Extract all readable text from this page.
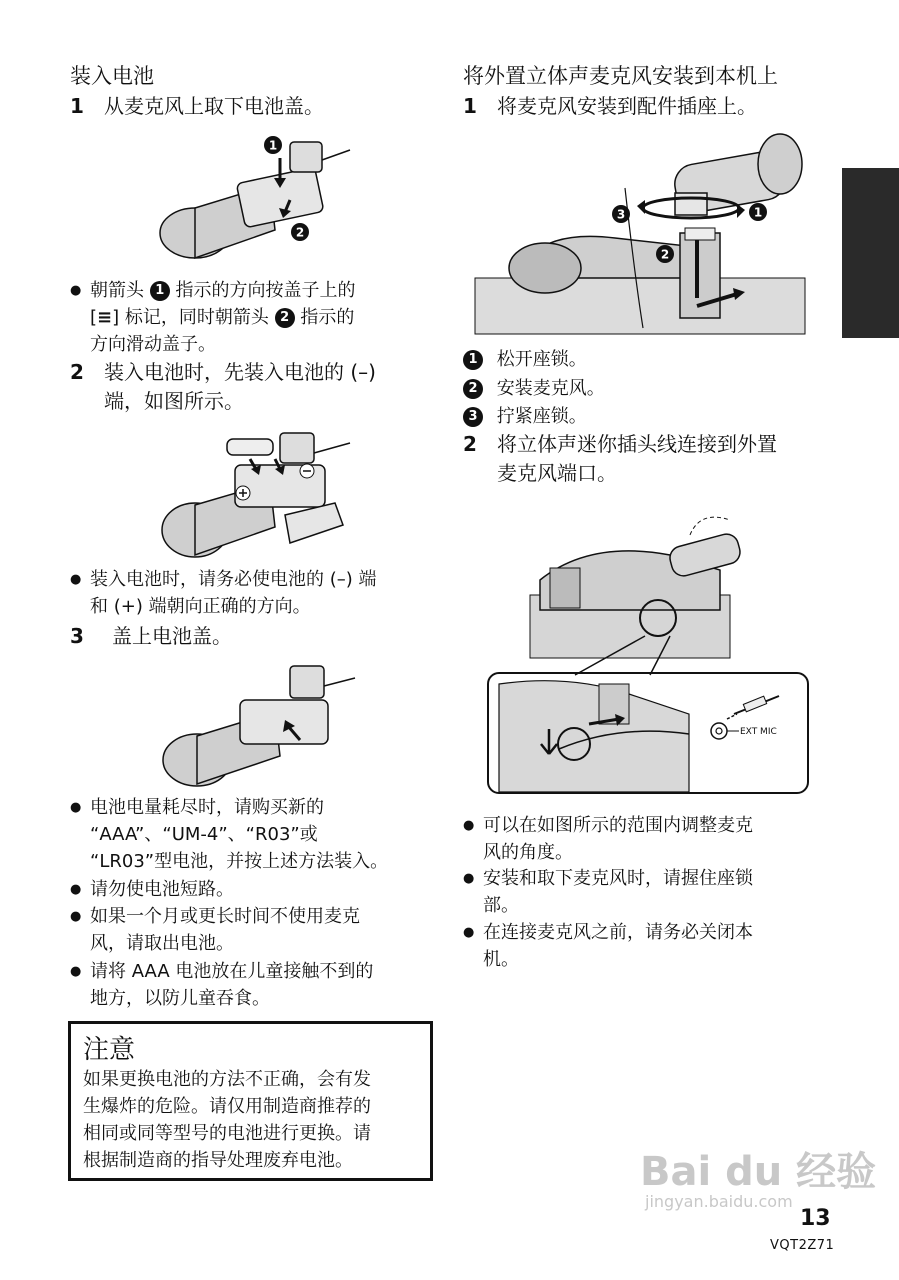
装入电池
1 从麦克风上取下电池盖。
1
2
● 朝箭头 1 指示的方向按盖子上的
[≡] 标记，同时朝箭头 2 指示的
方向滑动盖子。
2 装入电池时，先装入电池的 (–)
端，如图所示。
● 装入电池时，请务必使电池的 (–) 端
和 (+) 端朝向正确的方向。
3 盖上电池盖。
● 电池电量耗尽时，请购买新的
“AAA”、“UM-4”、“R03”或
“LR03”型电池，并按上述方法装入。
● 请勿使电池短路。
● 如果一个月或更长时间不使用麦克
风，请取出电池。
● 请将 AAA 电池放在儿童接触不到的
地方，以防儿童吞食。
注意
如果更换电池的方法不正确，会有发
生爆炸的危险。请仅用制造商推荐的
相同或同等型号的电池进行更换。请
根据制造商的指导处理废弃电池。
将外置立体声麦克风安装到本机上
1 将麦克风安装到配件插座上。
3	1
2
1 松开座锁。
2 安装麦克风。
3 拧紧座锁。
2 将立体声迷你插头线连接到外置
麦克风端口。
EXT MIC
● 可以在如图所示的范围内调整麦克
风的角度。
● 安装和取下麦克风时，请握住座锁
部。
● 在连接麦克风之前，请务必关闭本
机。
Bai du 经验
jingyan.baidu.com
13
VQT2Z71
